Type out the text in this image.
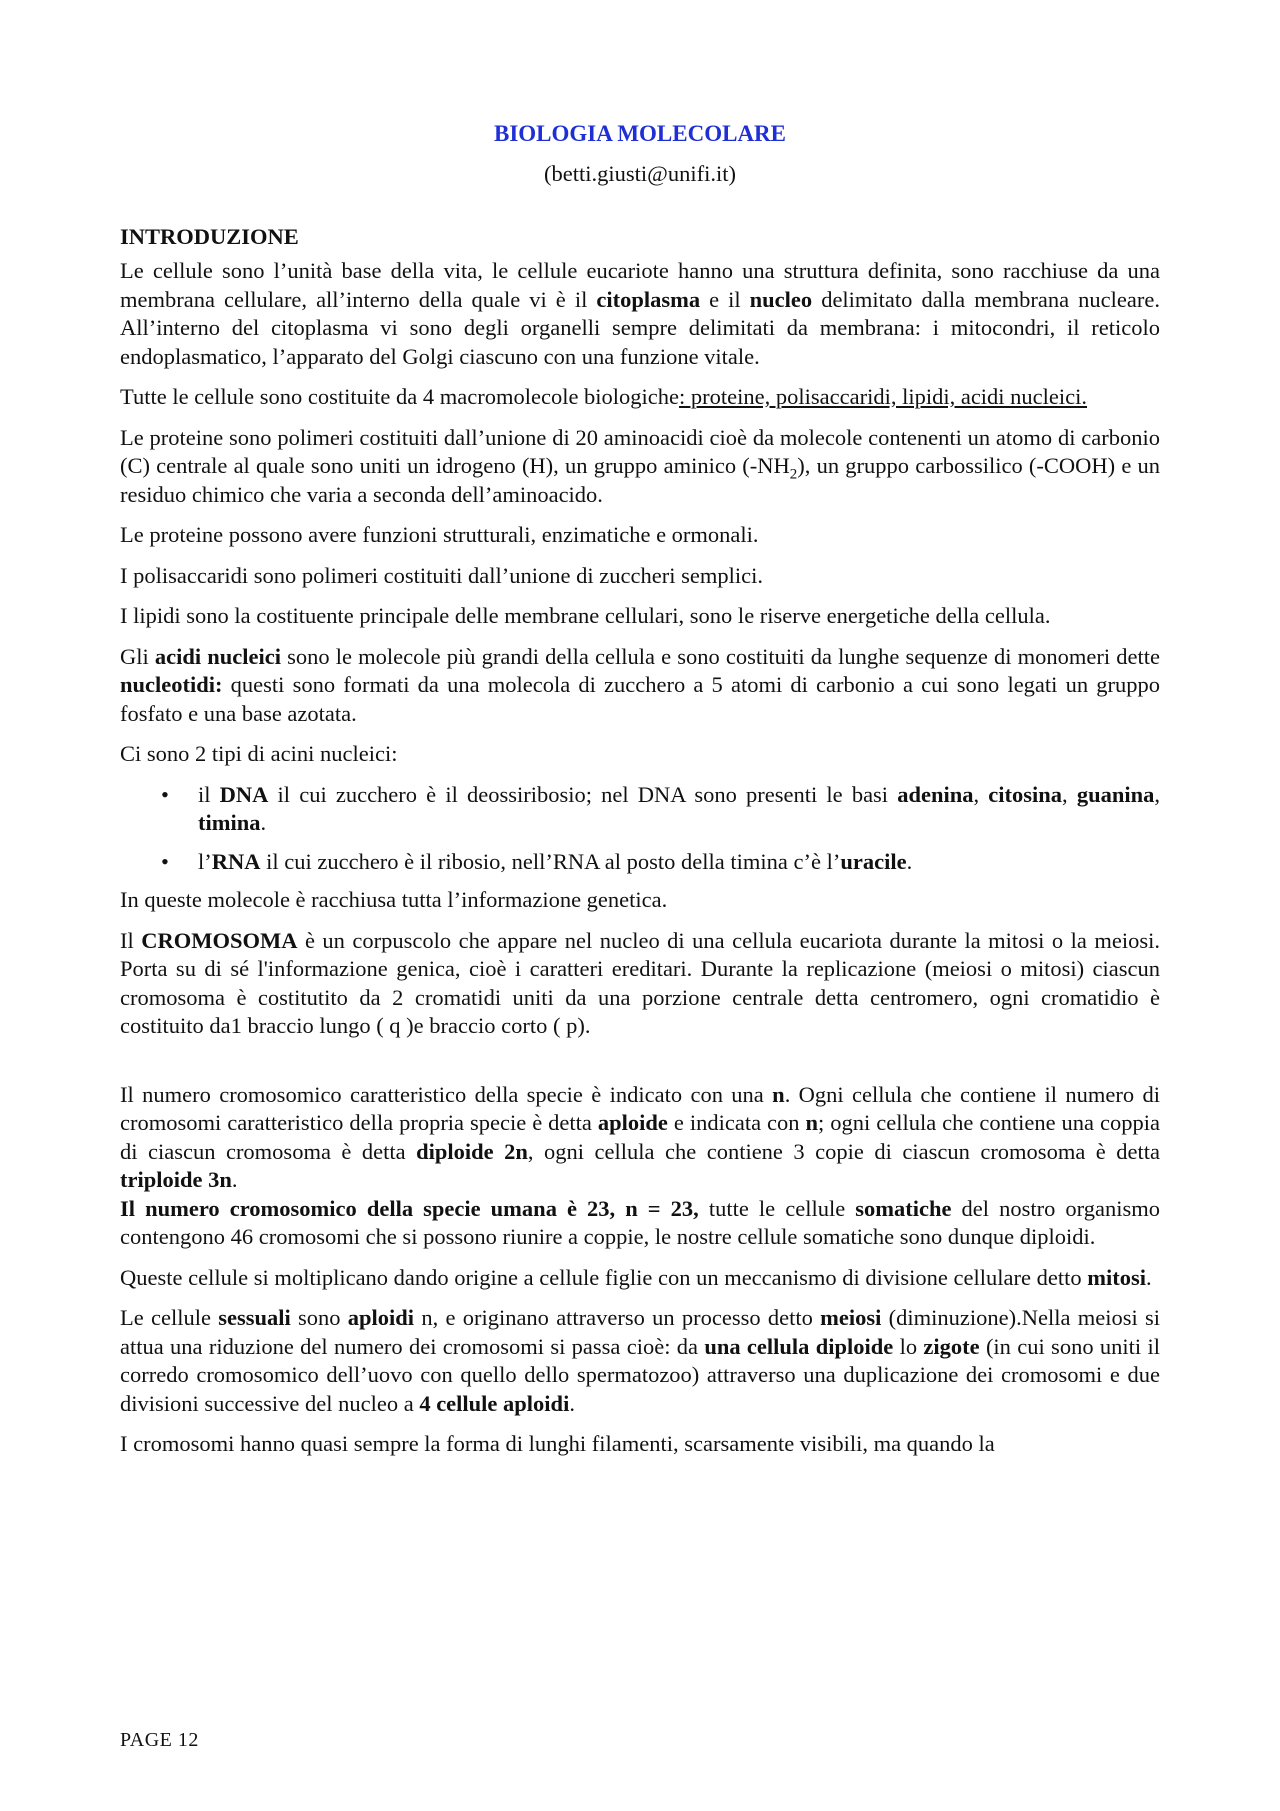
BIOLOGIA MOLECOLARE
(betti.giusti@unifi.it)
INTRODUZIONE

Le cellule sono l’unità base della vita, le cellule eucariote hanno una struttura definita, sono racchiuse da una membrana cellulare, all’interno della quale vi è il citoplasma e il nucleo delimitato dalla membrana nucleare. All’interno del citoplasma vi sono degli organelli sempre delimitati da membrana: i mitocondri, il reticolo endoplasmatico, l’apparato del Golgi ciascuno con una funzione vitale.

Tutte le cellule sono costituite da 4 macromolecole biologiche: proteine, polisaccaridi, lipidi, acidi nucleici.

Le proteine sono polimeri costituiti dall’unione di 20 aminoacidi cioè da molecole contenenti un atomo di carbonio (C) centrale al quale sono uniti un idrogeno (H), un gruppo aminico $(-NH_2)$, un gruppo carbossilico (-COOH) e un residuo chimico che varia a seconda dell’aminoacido.

Le proteine possono avere funzioni strutturali, enzimatiche e ormonali.

I polisaccaridi sono polimeri costituiti dall’unione di zuccheri semplici.

I lipidi sono la costituente principale delle membrane cellulari, sono le riserve energetiche della cellula.

Gli acidi nucleici sono le molecole più grandi della cellula e sono costituiti da lunghe sequenze di monomeri dette nucleotidi: questi sono formati da una molecola di zucchero a 5 atomi di carbonio a cui sono legati un gruppo fosfato e una base azotata.

Ci sono 2 tipi di acini nucleici:

• il DNA il cui zucchero è il deossiribosio; nel DNA sono presenti le basi adenina, citosina, guanina, timina.
• l’RNA il cui zucchero è il ribosio, nell’RNA al posto della timina c’è l’uracile.

In queste molecole è racchiusa tutta l’informazione genetica.

Il CROMOSOMA è un corpuscolo che appare nel nucleo di una cellula eucariota durante la mitosi o la meiosi. Porta su di sé l'informazione genica, cioè i caratteri ereditari. Durante la replicazione (meiosi o mitosi) ciascun cromosoma è costitutito da 2 cromatidi uniti da una porzione centrale detta centromero, ogni cromatidio è costituito da1 braccio lungo ( q )e braccio corto ( p).

Il numero cromosomico caratteristico della specie è indicato con una n. Ogni cellula che contiene il numero di cromosomi caratteristico della propria specie è detta aploide e indicata con n; ogni cellula che contiene una coppia di ciascun cromosoma è detta diploide 2n, ogni cellula che contiene 3 copie di ciascun cromosoma è detta triploide 3n.

Il numero cromosomico della specie umana è 23, n = 23, tutte le cellule somatiche del nostro organismo contengono 46 cromosomi che si possono riunire a coppie, le nostre cellule somatiche sono dunque diploidi.

Queste cellule si moltiplicano dando origine a cellule figlie con un meccanismo di divisione cellulare detto mitosi.

Le cellule sessuali sono aploidi n, e originano attraverso un processo detto meiosi (diminuzione).Nella meiosi si attua una riduzione del numero dei cromosomi si passa cioè: da una cellula diploide lo zigote (in cui sono uniti il corredo cromosomico dell’uovo con quello dello spermatozoo) attraverso una duplicazione dei cromosomi e due divisioni successive del nucleo a 4 cellule aploidi.

I cromosomi hanno quasi sempre la forma di lunghi filamenti, scarsamente visibili, ma quando la

PAGE 12
